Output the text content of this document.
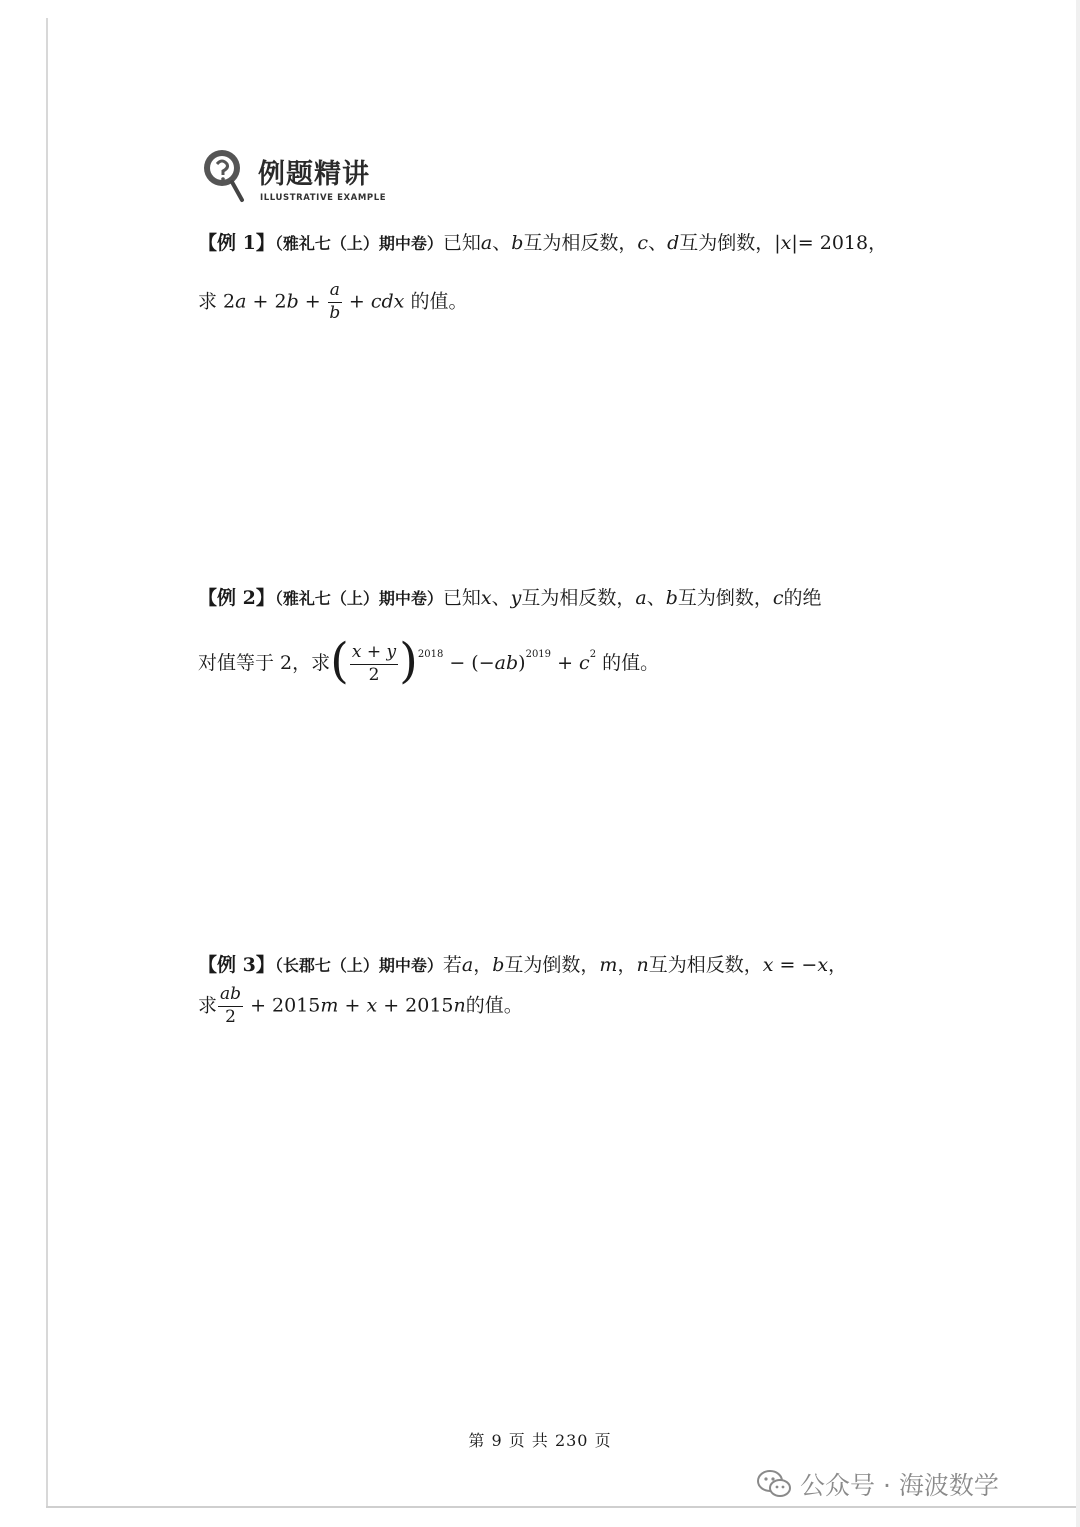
例题精讲
ILLUSTRATIVE EXAMPLE
【例 1】（雅礼七（上）期中卷）已知a、b互为相反数，c、d互为倒数，|x|= 2018，
求 $2a + 2b + \frac{a}{b}$ + cdx 的值。
【例 2】（雅礼七（上）期中卷）已知x、y互为相反数，a、b互为倒数，c的绝
对值等于 2，求( $\frac{x + y}{2} )^{2018} - (-ab)^{2019} + c^2$ 的值。
【例 3】（长郡七（上）期中卷）若a，b互为倒数，m，n互为相反数，x = −x，
求 $\frac{ab}{2} + 2015m + x + 2015n$的值。
第 9 页 共 230 页
公众号 · 海波数学
